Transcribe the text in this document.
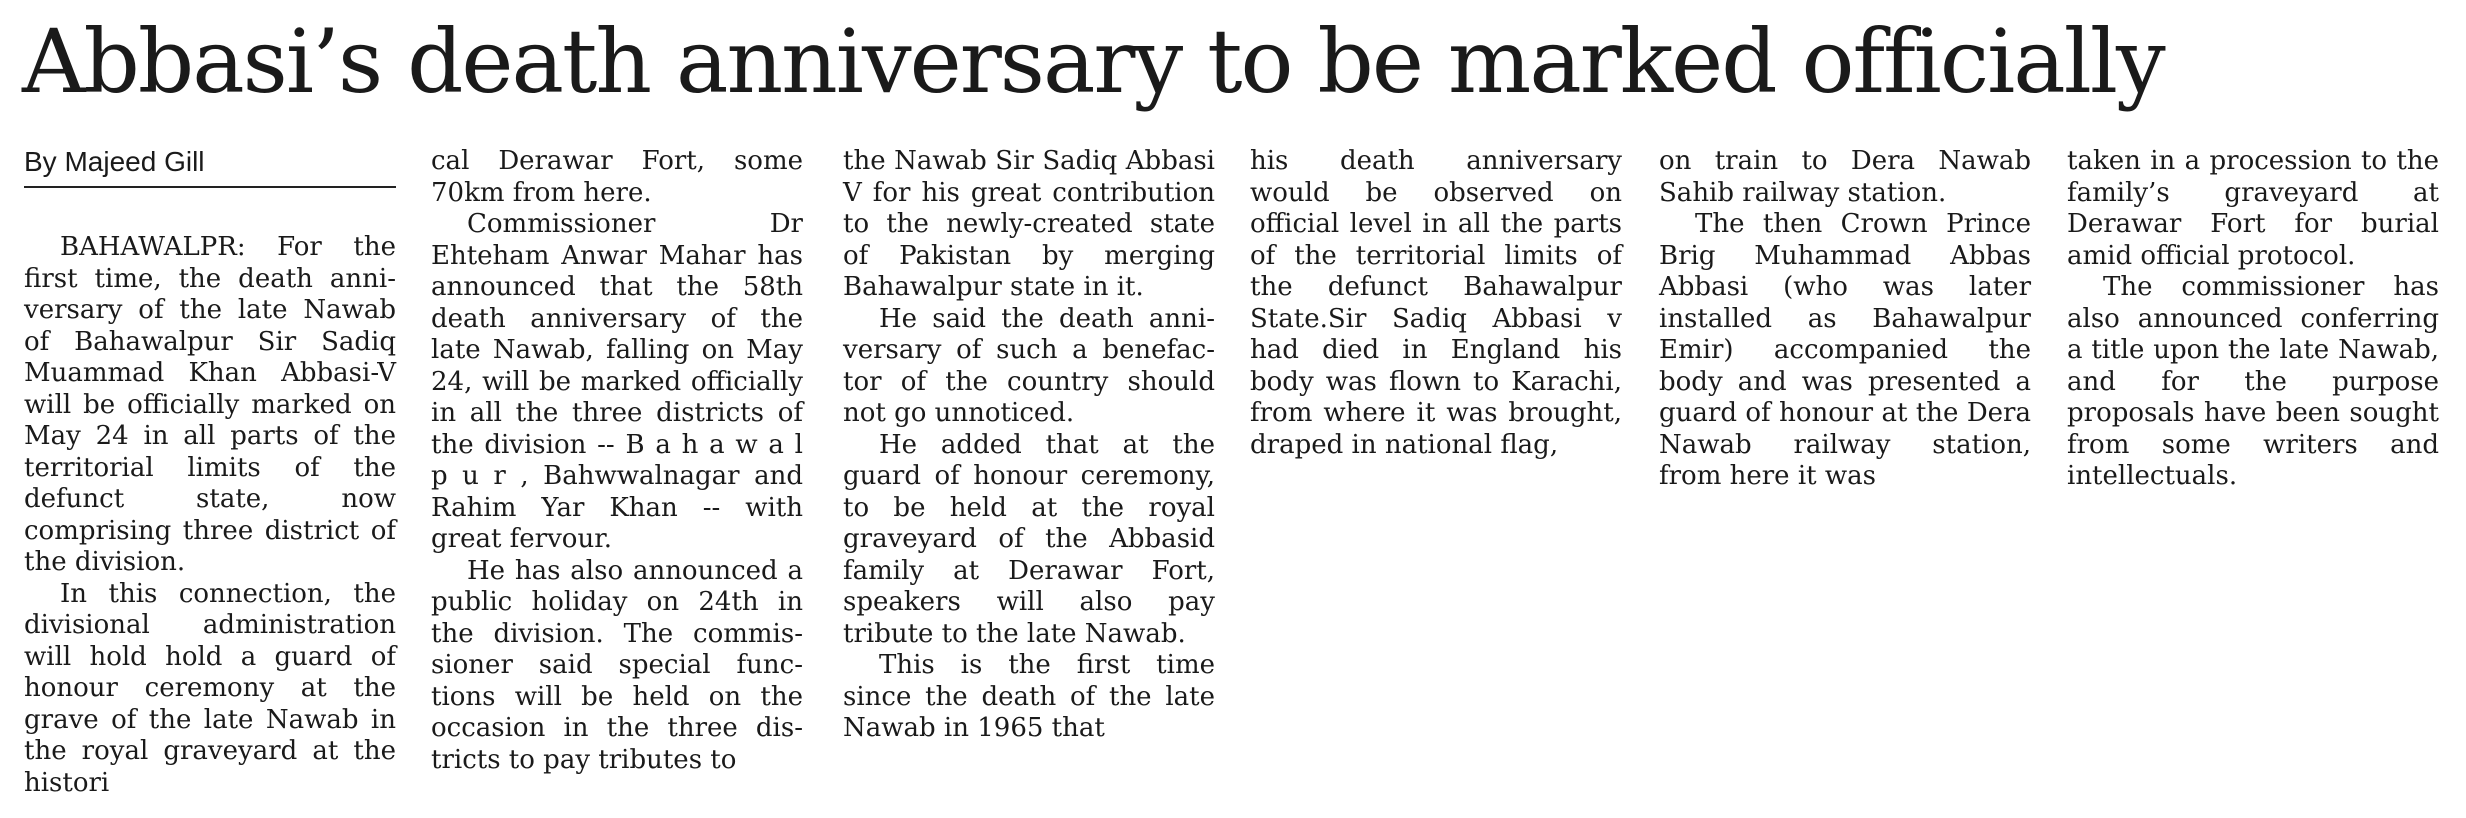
Abbasi’s death anniversary to be marked officially
By Majeed Gill

BAHAWALPR: For the first time, the death anniversary of the late Nawab of Bahawalpur Sir Sadiq Muammad Khan Abbasi-V will be officially marked on May 24 in all parts of the territorial limits of the defunct state, now comprising three district of the division.

In this connection, the divisional administration will hold hold a guard of honour ceremony at the grave of the late Nawab in the royal graveyard at the histori

cal Derawar Fort, some 70km from here.

Commissioner Dr Ehteham Anwar Mahar has announced that the 58th death anniversary of the late Nawab, falling on May 24, will be marked officially in all the three districts of the division -- B a h a w a l p u r , Bahwwalnagar and Rahim Yar Khan -- with great fervour.

He has also announced a public holiday on 24th in the division. The commissioner said special functions will be held on the occasion in the three districts to pay tributes to

the Nawab Sir Sadiq Abbasi V for his great contribution to the newly-created state of Pakistan by merging Bahawalpur state in it.

He said the death anniversary of such a benefactor of the country should not go unnoticed.

He added that at the guard of honour ceremony, to be held at the royal graveyard of the Abbasid family at Derawar Fort, speakers will also pay tribute to the late Nawab.

This is the first time since the death of the late Nawab in 1965 that

his death anniversary would be observed on official level in all the parts of the territorial limits of the defunct Bahawalpur State.Sir Sadiq Abbasi v had died in England his body was flown to Karachi, from where it was brought, draped in national flag,

on train to Dera Nawab Sahib railway station.

The then Crown Prince Brig Muhammad Abbas Abbasi (who was later installed as Bahawalpur Emir) accompanied the body and was presented a guard of honour at the Dera Nawab railway station, from here it was

taken in a procession to the family’s graveyard at Derawar Fort for burial amid official protocol.

The commissioner has also announced conferring a title upon the late Nawab, and for the purpose proposals have been sought from some writers and intellectuals.
